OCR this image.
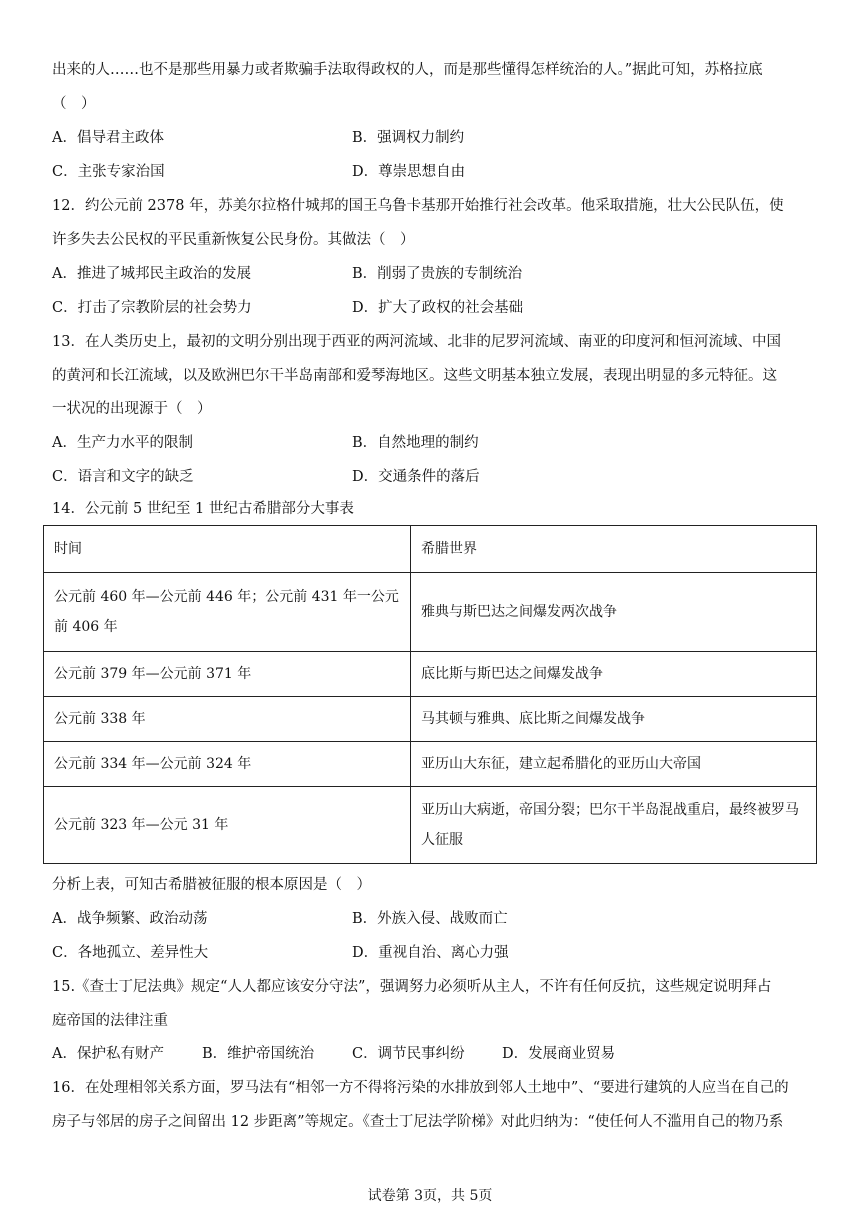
出来的人……也不是那些用暴力或者欺骗手法取得政权的人，而是那些懂得怎样统治的人。”据此可知，苏格拉底
（　）
A．倡导君主政体	B．强调权力制约
C．主张专家治国	D．尊崇思想自由
12．约公元前 2378 年，苏美尔拉格什城邦的国王乌鲁卡基那开始推行社会改革。他采取措施，壮大公民队伍，使
许多失去公民权的平民重新恢复公民身份。其做法（　）
A．推进了城邦民主政治的发展	B．削弱了贵族的专制统治
C．打击了宗教阶层的社会势力	D．扩大了政权的社会基础
13．在人类历史上，最初的文明分别出现于西亚的两河流域、北非的尼罗河流域、南亚的印度河和恒河流域、中国
的黄河和长江流域，以及欧洲巴尔干半岛南部和爱琴海地区。这些文明基本独立发展，表现出明显的多元特征。这
一状况的出现源于（　）
A．生产力水平的限制	B．自然地理的制约
C．语言和文字的缺乏	D．交通条件的落后
14．公元前 5 世纪至 1 世纪古希腊部分大事表
时间	希腊世界
公元前 460 年—公元前 446 年；公元前 431 年一公元前 406 年	雅典与斯巴达之间爆发两次战争
公元前 379 年—公元前 371 年	底比斯与斯巴达之间爆发战争
公元前 338 年	马其顿与雅典、底比斯之间爆发战争
公元前 334 年—公元前 324 年	亚历山大东征，建立起希腊化的亚历山大帝国
公元前 323 年—公元 31 年	亚历山大病逝，帝国分裂；巴尔干半岛混战重启，最终被罗马人征服
分析上表，可知古希腊被征服的根本原因是（　）
A．战争频繁、政治动荡	B．外族入侵、战败而亡
C．各地孤立、差异性大	D．重视自治、离心力强
15.《查士丁尼法典》规定“人人都应该安分守法”，强调努力必须听从主人，不许有任何反抗，这些规定说明拜占
庭帝国的法律注重
A．保护私有财产	B．维护帝国统治	C．调节民事纠纷	D．发展商业贸易
16．在处理相邻关系方面，罗马法有“相邻一方不得将污染的水排放到邻人土地中”、“要进行建筑的人应当在自己的
房子与邻居的房子之间留出 12 步距离”等规定。《查士丁尼法学阶梯》对此归纳为：“使任何人不滥用自己的物乃系
试卷第 3页，共 5页
